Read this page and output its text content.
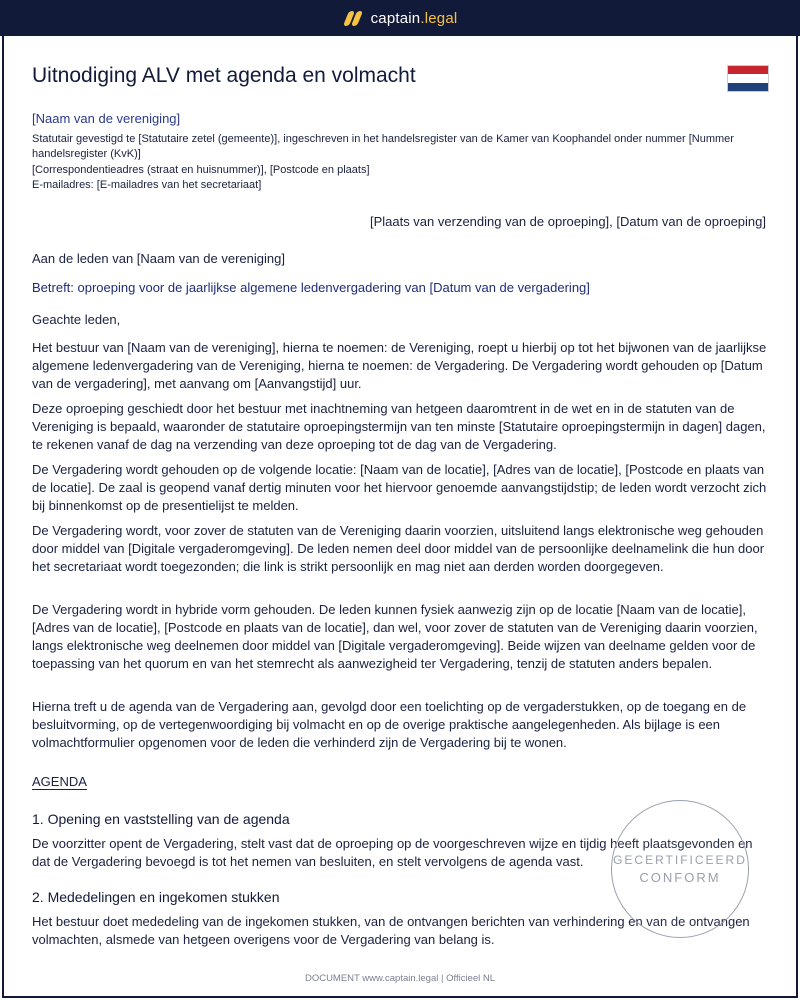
captain.legal
Uitnodiging ALV met agenda en volmacht

[Naam van de vereniging]

Statutair gevestigd te [Statutaire zetel (gemeente)], ingeschreven in het handelsregister van de Kamer van Koophandel onder nummer [Nummer

handelsregister (KvK)]

[Correspondentieadres (straat en huisnummer)], [Postcode en plaats]

E-mailadres: [E-mailadres van het secretariaat]

[Plaats van verzending van de oproeping], [Datum van de oproeping]

Aan de leden van [Naam van de vereniging]

Betreft: oproeping voor de jaarlijkse algemene ledenvergadering van [Datum van de vergadering]

Geachte leden,

Het bestuur van [Naam van de vereniging], hierna te noemen: de Vereniging, roept u hierbij op tot het bijwonen van de jaarlijkse algemene ledenvergadering van de Vereniging, hierna te noemen: de Vergadering. De Vergadering wordt gehouden op [Datum van de vergadering], met aanvang om [Aanvangstijd] uur.

Deze oproeping geschiedt door het bestuur met inachtneming van hetgeen daaromtrent in de wet en in de statuten van de Vereniging is bepaald, waaronder de statutaire oproepingstermijn van ten minste [Statutaire oproepingstermijn in dagen] dagen, te rekenen vanaf de dag na verzending van deze oproeping tot de dag van de Vergadering.

De Vergadering wordt gehouden op de volgende locatie: [Naam van de locatie], [Adres van de locatie], [Postcode en plaats van de locatie]. De zaal is geopend vanaf dertig minuten voor het hiervoor genoemde aanvangstijdstip; de leden wordt verzocht zich bij binnenkomst op de presentielijst te melden.

De Vergadering wordt, voor zover de statuten van de Vereniging daarin voorzien, uitsluitend langs elektronische weg gehouden door middel van [Digitale vergaderomgeving]. De leden nemen deel door middel van de persoonlijke deelnamelink die hun door het secretariaat wordt toegezonden; die link is strikt persoonlijk en mag niet aan derden worden doorgegeven.

De Vergadering wordt in hybride vorm gehouden. De leden kunnen fysiek aanwezig zijn op de locatie [Naam van de locatie], [Adres van de locatie], [Postcode en plaats van de locatie], dan wel, voor zover de statuten van de Vereniging daarin voorzien, langs elektronische weg deelnemen door middel van [Digitale vergaderomgeving]. Beide wijzen van deelname gelden voor de toepassing van het quorum en van het stemrecht als aanwezigheid ter Vergadering, tenzij de statuten anders bepalen.

Hierna treft u de agenda van de Vergadering aan, gevolgd door een toelichting op de vergaderstukken, op de toegang en de besluitvorming, op de vertegenwoordiging bij volmacht en op de overige praktische aangelegenheden. Als bijlage is een volmachtformulier opgenomen voor de leden die verhinderd zijn de Vergadering bij te wonen.

AGENDA

1. Opening en vaststelling van de agenda

De voorzitter opent de Vergadering, stelt vast dat de oproeping op de voorgeschreven wijze en tijdig heeft plaatsgevonden en dat de Vergadering bevoegd is tot het nemen van besluiten, en stelt vervolgens de agenda vast.

2. Mededelingen en ingekomen stukken

Het bestuur doet mededeling van de ingekomen stukken, van de ontvangen berichten van verhindering en van de ontvangen volmachten, alsmede van hetgeen overigens voor de Vergadering van belang is.

GECERTIFICEERD
CONFORM
DOCUMENT www.captain.legal | Officieel NL
